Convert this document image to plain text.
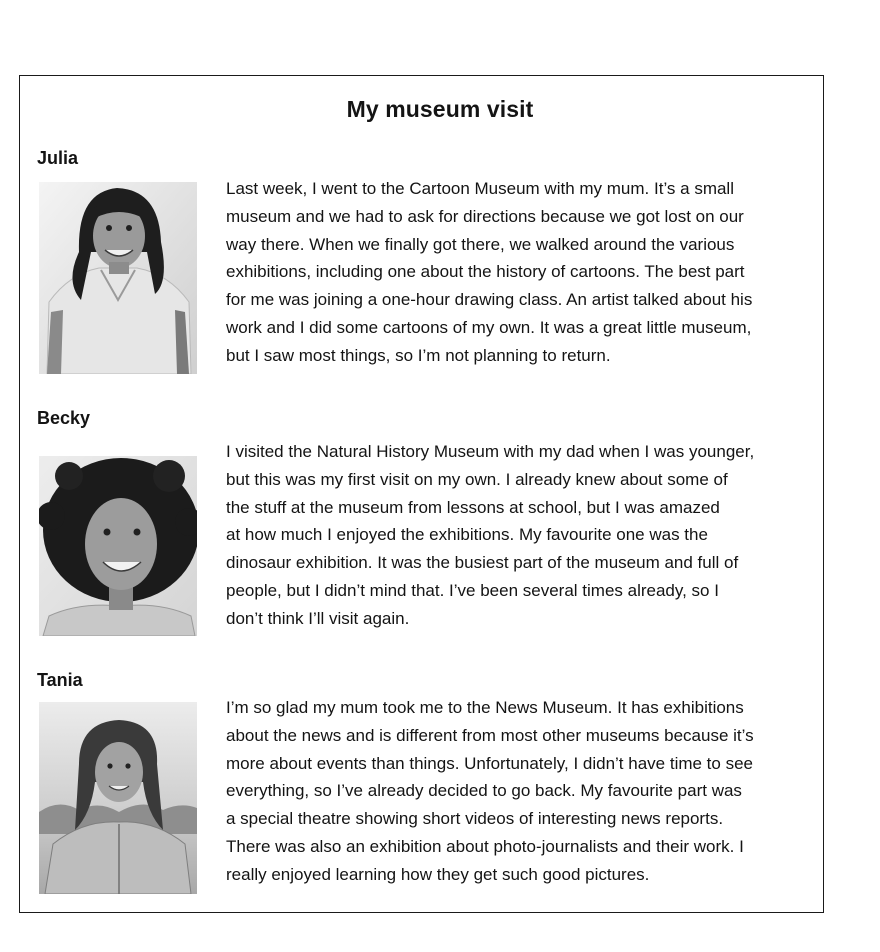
My museum visit
Julia

Last week, I went to the Cartoon Museum with my mum. It’s a small
museum and we had to ask for directions because we got lost on our
way there. When we finally got there, we walked around the various
exhibitions, including one about the history of cartoons. The best part
for me was joining a one-hour drawing class. An artist talked about his
work and I did some cartoons of my own. It was a great little museum,
but I saw most things, so I’m not planning to return.

Becky

I visited the Natural History Museum with my dad when I was younger,
but this was my first visit on my own. I already knew about some of
the stuff at the museum from lessons at school, but I was amazed
at how much I enjoyed the exhibitions. My favourite one was the
dinosaur exhibition. It was the busiest part of the museum and full of
people, but I didn’t mind that. I’ve been several times already, so I
don’t think I’ll visit again.

Tania

I’m so glad my mum took me to the News Museum. It has exhibitions
about the news and is different from most other museums because it’s
more about events than things. Unfortunately, I didn’t have time to see
everything, so I’ve already decided to go back. My favourite part was
a special theatre showing short videos of interesting news reports.
There was also an exhibition about photo-journalists and their work. I
really enjoyed learning how they get such good pictures.
